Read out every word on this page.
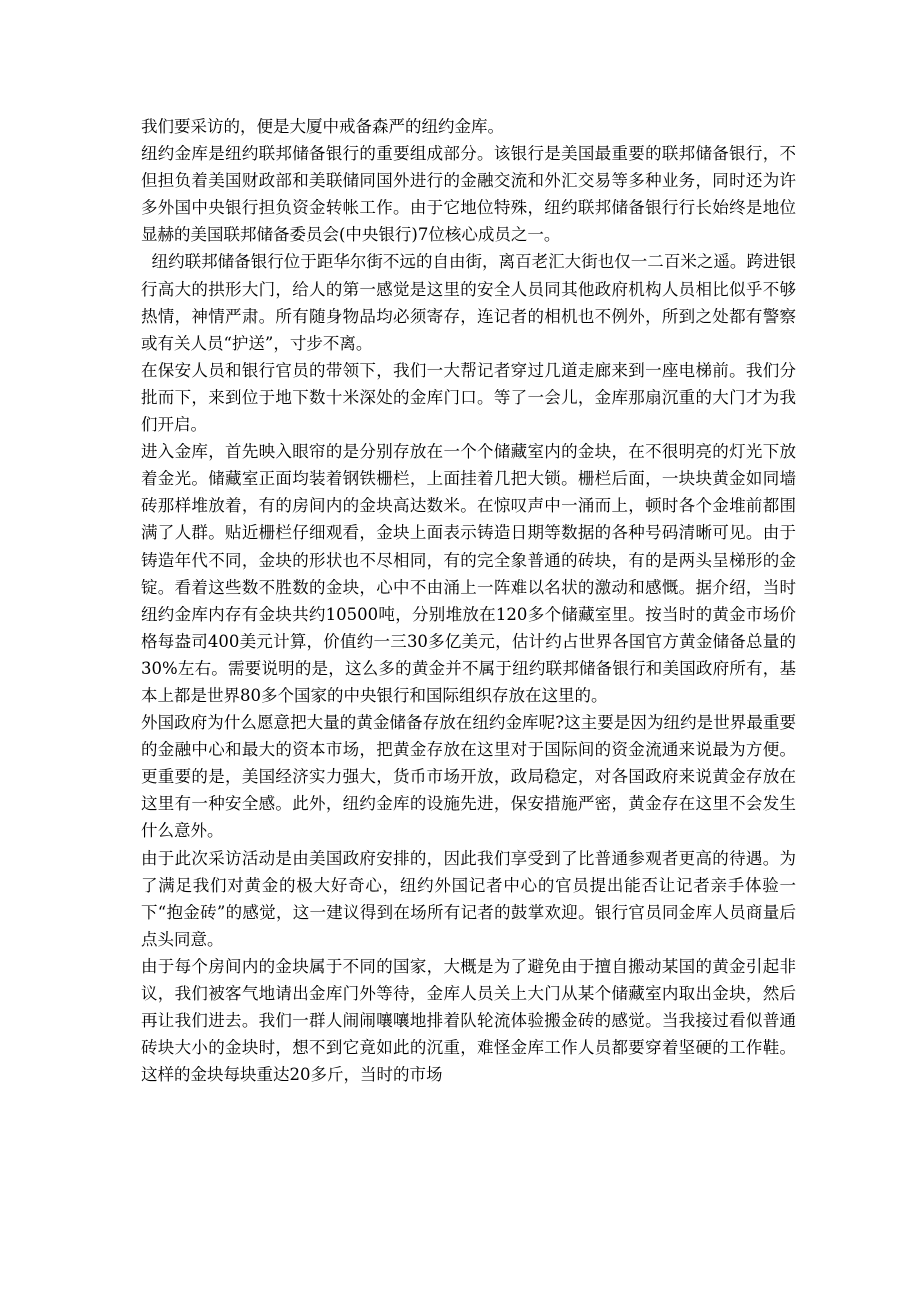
我们要采访的，便是大厦中戒备森严的纽约金库。

纽约金库是纽约联邦储备银行的重要组成部分。该银行是美国最重要的联邦储备银行，不但担负着美国财政部和美联储同国外进行的金融交流和外汇交易等多种业务，同时还为许多外国中央银行担负资金转帐工作。由于它地位特殊，纽约联邦储备银行行长始终是地位显赫的美国联邦储备委员会(中央银行)7位核心成员之一。

纽约联邦储备银行位于距华尔街不远的自由街，离百老汇大街也仅一二百米之遥。跨进银行高大的拱形大门，给人的第一感觉是这里的安全人员同其他政府机构人员相比似乎不够热情，神情严肃。所有随身物品均必须寄存，连记者的相机也不例外，所到之处都有警察或有关人员“护送”，寸步不离。

在保安人员和银行官员的带领下，我们一大帮记者穿过几道走廊来到一座电梯前。我们分批而下，来到位于地下数十米深处的金库门口。等了一会儿，金库那扇沉重的大门才为我们开启。

进入金库，首先映入眼帘的是分别存放在一个个储藏室内的金块，在不很明亮的灯光下放着金光。储藏室正面均装着钢铁栅栏，上面挂着几把大锁。栅栏后面，一块块黄金如同墙砖那样堆放着，有的房间内的金块高达数米。在惊叹声中一涌而上，顿时各个金堆前都围满了人群。贴近栅栏仔细观看，金块上面表示铸造日期等数据的各种号码清晰可见。由于铸造年代不同，金块的形状也不尽相同，有的完全象普通的砖块，有的是两头呈梯形的金锭。看着这些数不胜数的金块，心中不由涌上一阵难以名状的激动和感慨。据介绍，当时纽约金库内存有金块共约10500吨，分别堆放在120多个储藏室里。按当时的黄金市场价格每盎司400美元计算，价值约一三30多亿美元，估计约占世界各国官方黄金储备总量的30%左右。需要说明的是，这么多的黄金并不属于纽约联邦储备银行和美国政府所有，基本上都是世界80多个国家的中央银行和国际组织存放在这里的。

外国政府为什么愿意把大量的黄金储备存放在纽约金库呢?这主要是因为纽约是世界最重要的金融中心和最大的资本市场，把黄金存放在这里对于国际间的资金流通来说最为方便。更重要的是，美国经济实力强大，货币市场开放，政局稳定，对各国政府来说黄金存放在这里有一种安全感。此外，纽约金库的设施先进，保安措施严密，黄金存在这里不会发生什么意外。

由于此次采访活动是由美国政府安排的，因此我们享受到了比普通参观者更高的待遇。为了满足我们对黄金的极大好奇心，纽约外国记者中心的官员提出能否让记者亲手体验一下“抱金砖”的感觉，这一建议得到在场所有记者的鼓掌欢迎。银行官员同金库人员商量后点头同意。

由于每个房间内的金块属于不同的国家，大概是为了避免由于擅自搬动某国的黄金引起非议，我们被客气地请出金库门外等待，金库人员关上大门从某个储藏室内取出金块，然后再让我们进去。我们一群人闹闹嚷嚷地排着队轮流体验搬金砖的感觉。当我接过看似普通砖块大小的金块时，想不到它竟如此的沉重，难怪金库工作人员都要穿着坚硬的工作鞋。这样的金块每块重达20多斤，当时的市场
